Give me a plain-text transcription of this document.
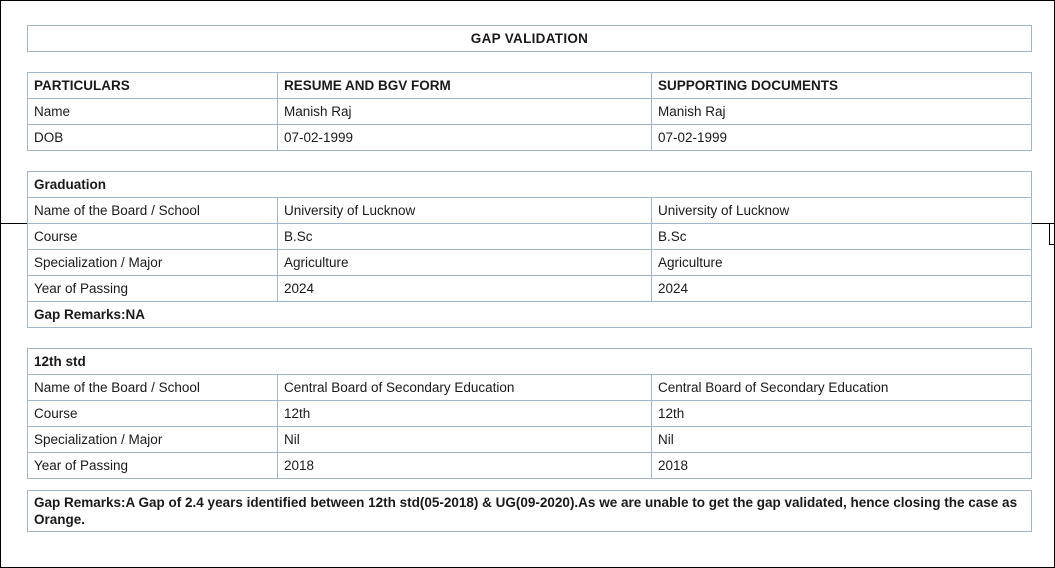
GAP VALIDATION
PARTICULARS	RESUME AND BGV FORM	SUPPORTING DOCUMENTS
Name	Manish Raj	Manish Raj
DOB	07-02-1999	07-02-1999
Graduation		
Name of the Board / School	University of Lucknow	University of Lucknow
Course	B.Sc	B.Sc
Specialization / Major	Agriculture	Agriculture
Year of Passing	2024	2024
Gap Remarks:NA		
12th std		
Name of the Board / School	Central Board of Secondary Education	Central Board of Secondary Education
Course	12th	12th
Specialization / Major	Nil	Nil
Year of Passing	2018	2018
Gap Remarks:A Gap of 2.4 years identified between 12th std(05-2018) & UG(09-2020).As we are unable to get the gap validated, hence closing the case as Orange.
